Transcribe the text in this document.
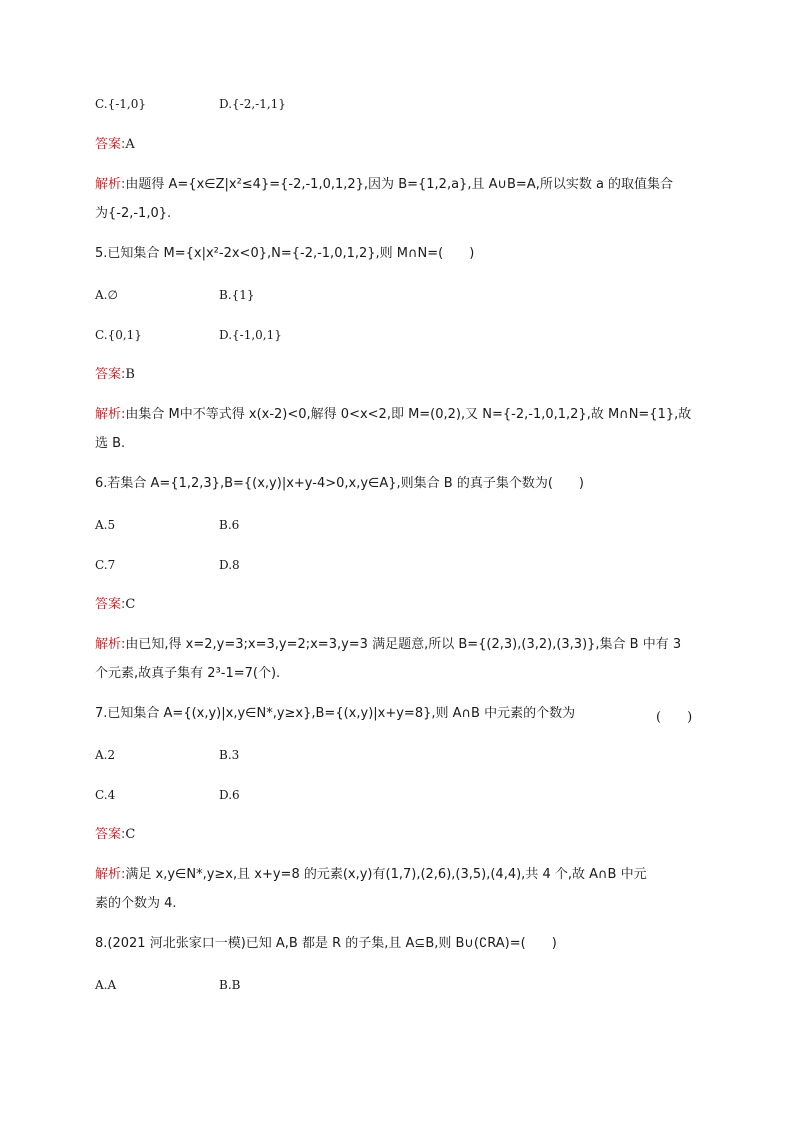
C.{-1,0}	D.{-2,-1,1}
答案:A
解析:由题得 A={x∈Z|x²≤4}={-2,-1,0,1,2},因为 B={1,2,a},且 A∪B=A,所以实数 a 的取值集合
为{-2,-1,0}.
5.已知集合 M={x|x²-2x<0},N={-2,-1,0,1,2},则 M∩N=(　　)
A.∅	B.{1}
C.{0,1}	D.{-1,0,1}
答案:B
解析:由集合 M中不等式得 x(x-2)<0,解得 0<x<2,即 M=(0,2),又 N={-2,-1,0,1,2},故 M∩N={1},故
选 B.
6.若集合 A={1,2,3},B={(x,y)|x+y-4>0,x,y∈A},则集合 B 的真子集个数为(　　)
A.5	B.6
C.7	D.8
答案:C
解析:由已知,得 x=2,y=3;x=3,y=2;x=3,y=3 满足题意,所以 B={(2,3),(3,2),(3,3)},集合 B 中有 3
个元素,故真子集有 2³-1=7(个).
7.已知集合 A={(x,y)|x,y∈N*,y≥x},B={(x,y)|x+y=8},则 A∩B 中元素的个数为	(　　)
A.2	B.3
C.4	D.6
答案:C
解析:满足 x,y∈N*,y≥x,且 x+y=8 的元素(x,y)有(1,7),(2,6),(3,5),(4,4),共 4 个,故 A∩B 中元
素的个数为 4.
8.(2021 河北张家口一模)已知 A,B 都是 R 的子集,且 A⊆B,则 B∪(∁RA)=(　　)
A.A	B.B
